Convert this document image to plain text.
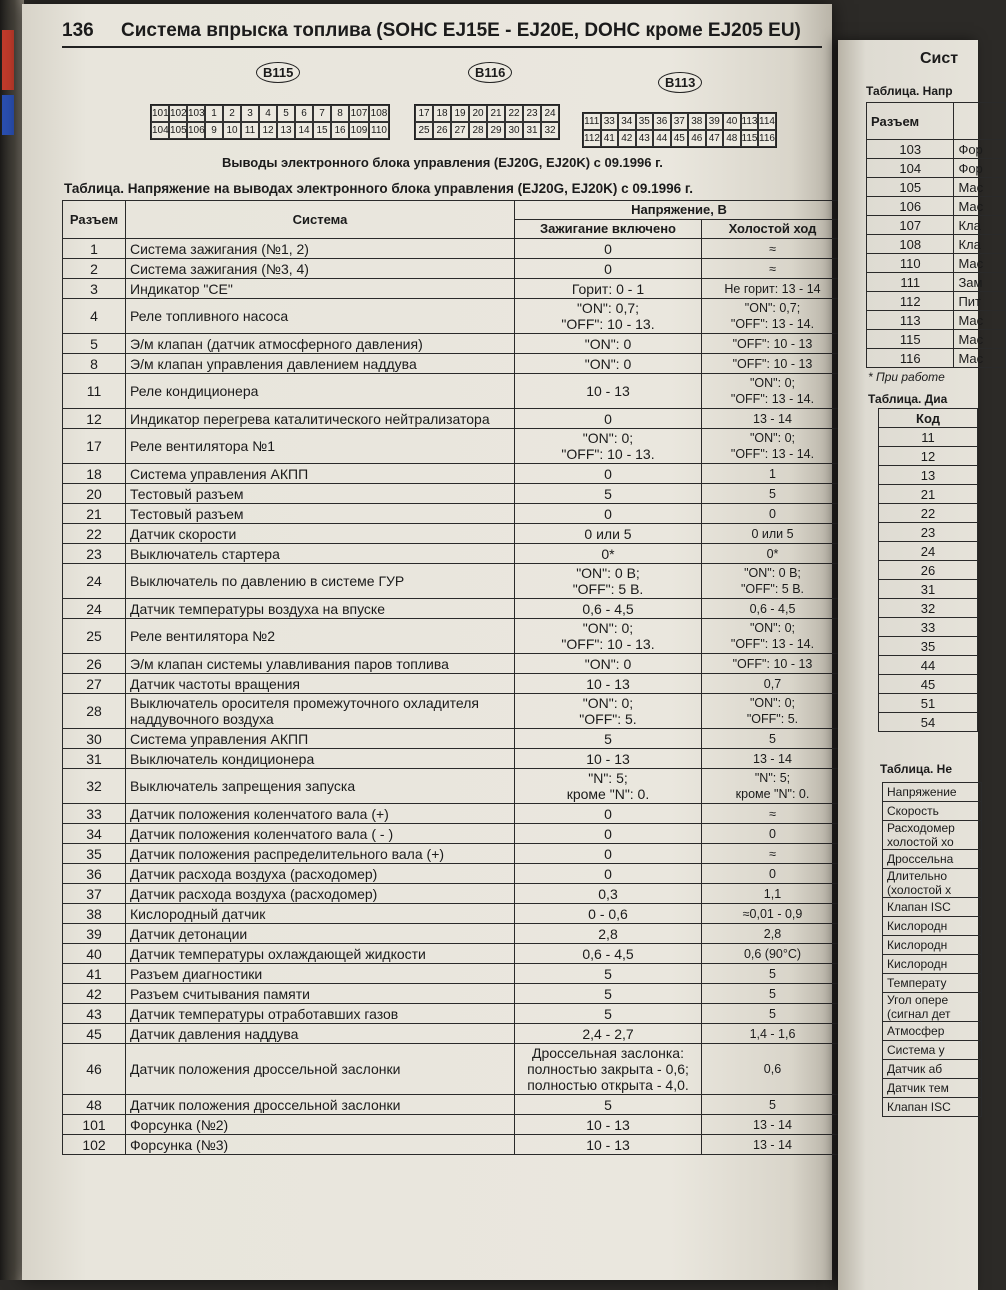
136 Система впрыска топлива (SOHC EJ15E - EJ20E, DOHC кроме EJ205 EU)
B115
101 102 103 1	2	3	4	5	6	7	8 107 108
104 105 106 9 10 11 12 13 14 15 16 109 110
B116
17 18 19 20 21 22 23 24
25 26 27 28 29 30 31 32
B113
111 33 34 35 36 37 38 39 40 113 114
112 41 42 43 44 45 46 47 48 115 116
Выводы электронного блока управления (EJ20G, EJ20K) с 09.1996 г.
Таблица. Напряжение на выводах электронного блока управления (EJ20G, EJ20K) с 09.1996 г.
Разъем	Система	Напряжение, В	
		Зажигание включено	Холостой ход
1	Система зажигания (№1, 2)	0	≈
2	Система зажигания (№3, 4)	0	≈
3	Индикатор "CE"	Горит: 0 - 1	Не горит: 13 - 14
4	Реле топливного насоса	"ON": 0,7;
"OFF": 10 - 13.	"ON": 0,7;
"OFF": 13 - 14.
5	Э/м клапан (датчик атмосферного давления)	"ON": 0	"OFF": 10 - 13
8	Э/м клапан управления давлением наддува	"ON": 0	"OFF": 10 - 13
11	Реле кондиционера	10 - 13	"ON": 0;
"OFF": 13 - 14.
12	Индикатор перегрева каталитического нейтрализатора	0	13 - 14
17	Реле вентилятора №1	"ON": 0;
"OFF": 10 - 13.	"ON": 0;
"OFF": 13 - 14.
18	Система управления АКПП	0	1
20	Тестовый разъем	5	5
21	Тестовый разъем	0	0
22	Датчик скорости	0 или 5	0 или 5
23	Выключатель стартера	0*	0*
24	Выключатель по давлению в системе ГУР	"ON": 0 В;
"OFF": 5 В.	"ON": 0 В;
"OFF": 5 В.
24	Датчик температуры воздуха на впуске	0,6 - 4,5	0,6 - 4,5
25	Реле вентилятора №2	"ON": 0;
"OFF": 10 - 13.	"ON": 0;
"OFF": 13 - 14.
26	Э/м клапан системы улавливания паров топлива	"ON": 0	"OFF": 10 - 13
27	Датчик частоты вращения	10 - 13	0,7
28	Выключатель оросителя промежуточного охладителя наддувочного воздуха	"ON": 0;
"OFF": 5.	"ON": 0;
"OFF": 5.
30	Система управления АКПП	5	5
31	Выключатель кондиционера	10 - 13	13 - 14
32	Выключатель запрещения запуска	"N": 5;
кроме "N": 0.	"N": 5;
кроме "N": 0.
33	Датчик положения коленчатого вала (+)	0	≈
34	Датчик положения коленчатого вала ( - )	0	0
35	Датчик положения распределительного вала (+)	0	≈
36	Датчик расхода воздуха (расходомер)	0	0
37	Датчик расхода воздуха (расходомер)	0,3	1,1
38	Кислородный датчик	0 - 0,6	≈0,01 - 0,9
39	Датчик детонации	2,8	2,8
40	Датчик температуры охлаждающей жидкости	0,6 - 4,5	0,6 (90°C)
41	Разъем диагностики	5	5
42	Разъем считывания памяти	5	5
43	Датчик температуры отработавших газов	5	5
45	Датчик давления наддува	2,4 - 2,7	1,4 - 1,6
46	Датчик положения дроссельной заслонки	Дроссельная заслонка:
полностью закрыта - 0,6;
полностью открыта - 4,0.	0,6
48	Датчик положения дроссельной заслонки	5	5
101	Форсунка (№2)	10 - 13	13 - 14
102	Форсунка (№3)	10 - 13	13 - 14
Сист
Таблица. Напр
Разъем	
103	Фор
104	Фор
105	Мас
106	Мас
107	Кла
108	Кла
110	Мас
111	Зам
112	Пит
113	Мас
115	Мас
116	Мас
* При работе
Таблица. Диа
Код
11
12
13
21
22
23
24
26
31
32
33
35
44
45
51
54
Таблица. Не
Напряжение
Скорость
Расходомер
холостой хо
Дроссельна
Длительно
(холостой х
Клапан ISC
Кислородн
Кислородн
Кислородн
Температу
Угол опере
(сигнал дет
Атмосфер
Система у
Датчик аб
Датчик тем
Клапан ISC
